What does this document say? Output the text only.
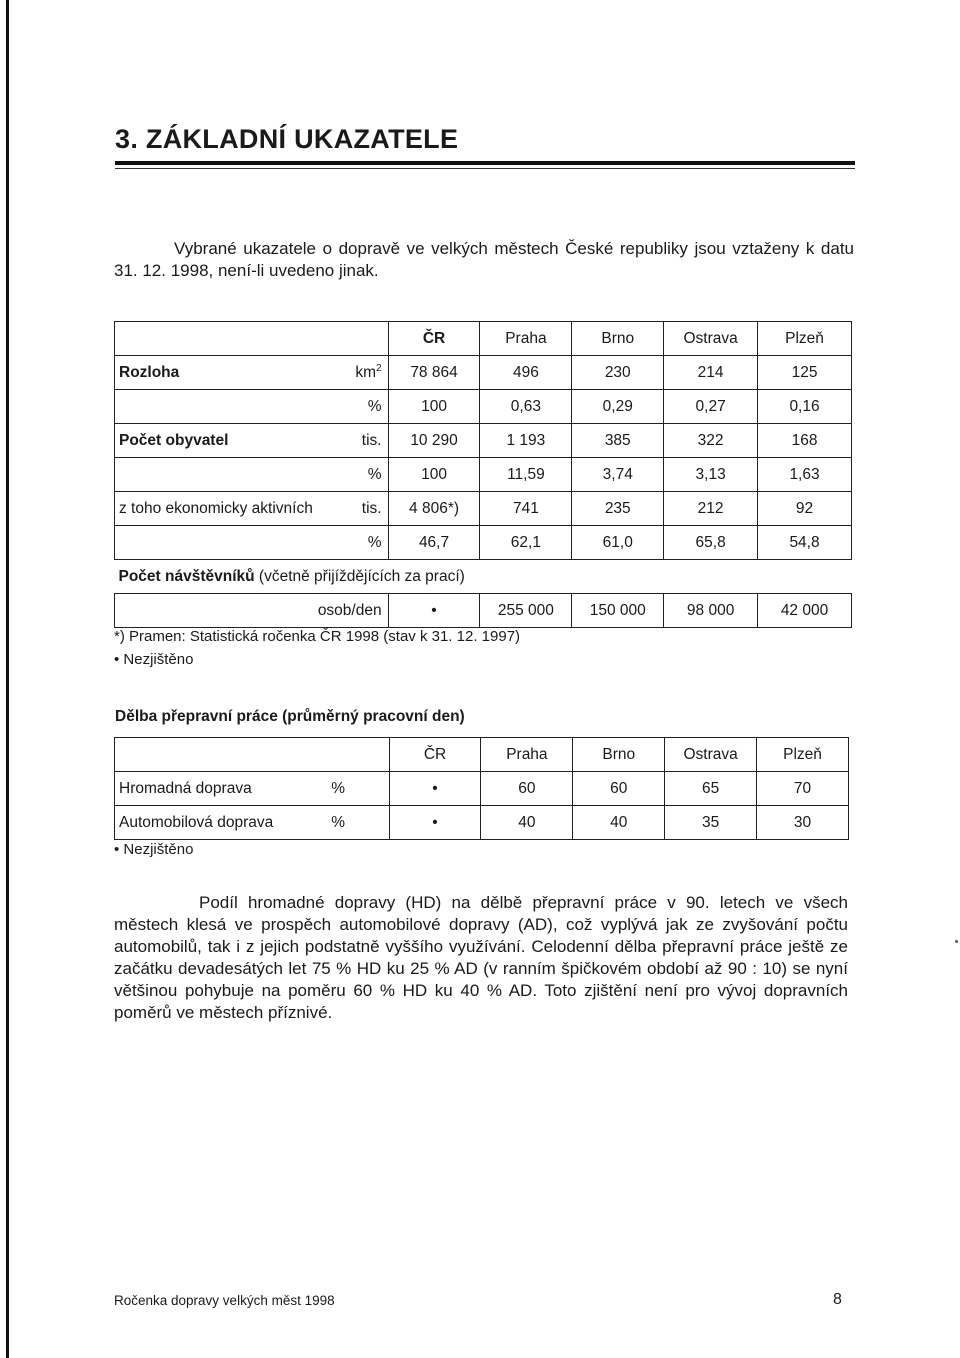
3. ZÁKLADNÍ UKAZATELE

Vybrané ukazatele o dopravě ve velkých městech České republiky jsou vztaženy k datu 31. 12. 1998, není-li uvedeno jinak.

		ČR	Praha	Brno	Ostrava	Plzeň
Rozloha	$km^2$	78 864	496	230	214	125
	%	100	0,63	0,29	0,27	0,16
Počet obyvatel	tis.	10 290	1 193	385	322	168
	%	100	11,59	3,74	3,13	1,63
z toho ekonomicky aktivních	tis.	4 806*)	741	235	212	92
	%	46,7	62,1	61,0	65,8	54,8
Počet návštěvníků (včetně přijíždějících za prací)						
osob/den		•	255 000	150 000	98 000	42 000

*) Pramen: Statistická ročenka ČR 1998 (stav k 31. 12. 1997)

• Nezjištěno

Dělba přepravní práce (průměrný pracovní den)

		ČR	Praha	Brno	Ostrava	Plzeň
Hromadná doprava	%	•	60	60	65	70
Automobilová doprava	%	•	40	40	35	30

• Nezjištěno

Podíl hromadné dopravy (HD) na dělbě přepravní práce v 90. letech ve všech městech klesá ve prospěch automobilové dopravy (AD), což vyplývá jak ze zvyšování počtu automobilů, tak i z jejich podstatně vyššího využívání. Celodenní dělba přepravní práce ještě ze začátku devadesátých let 75 % HD ku 25 % AD (v ranním špičkovém období až 90 : 10) se nyní většinou pohybuje na poměru 60 % HD ku 40 % AD. Toto zjištění není pro vývoj dopravních poměrů ve městech příznivé.

Ročenka dopravy velkých měst 1998	8
